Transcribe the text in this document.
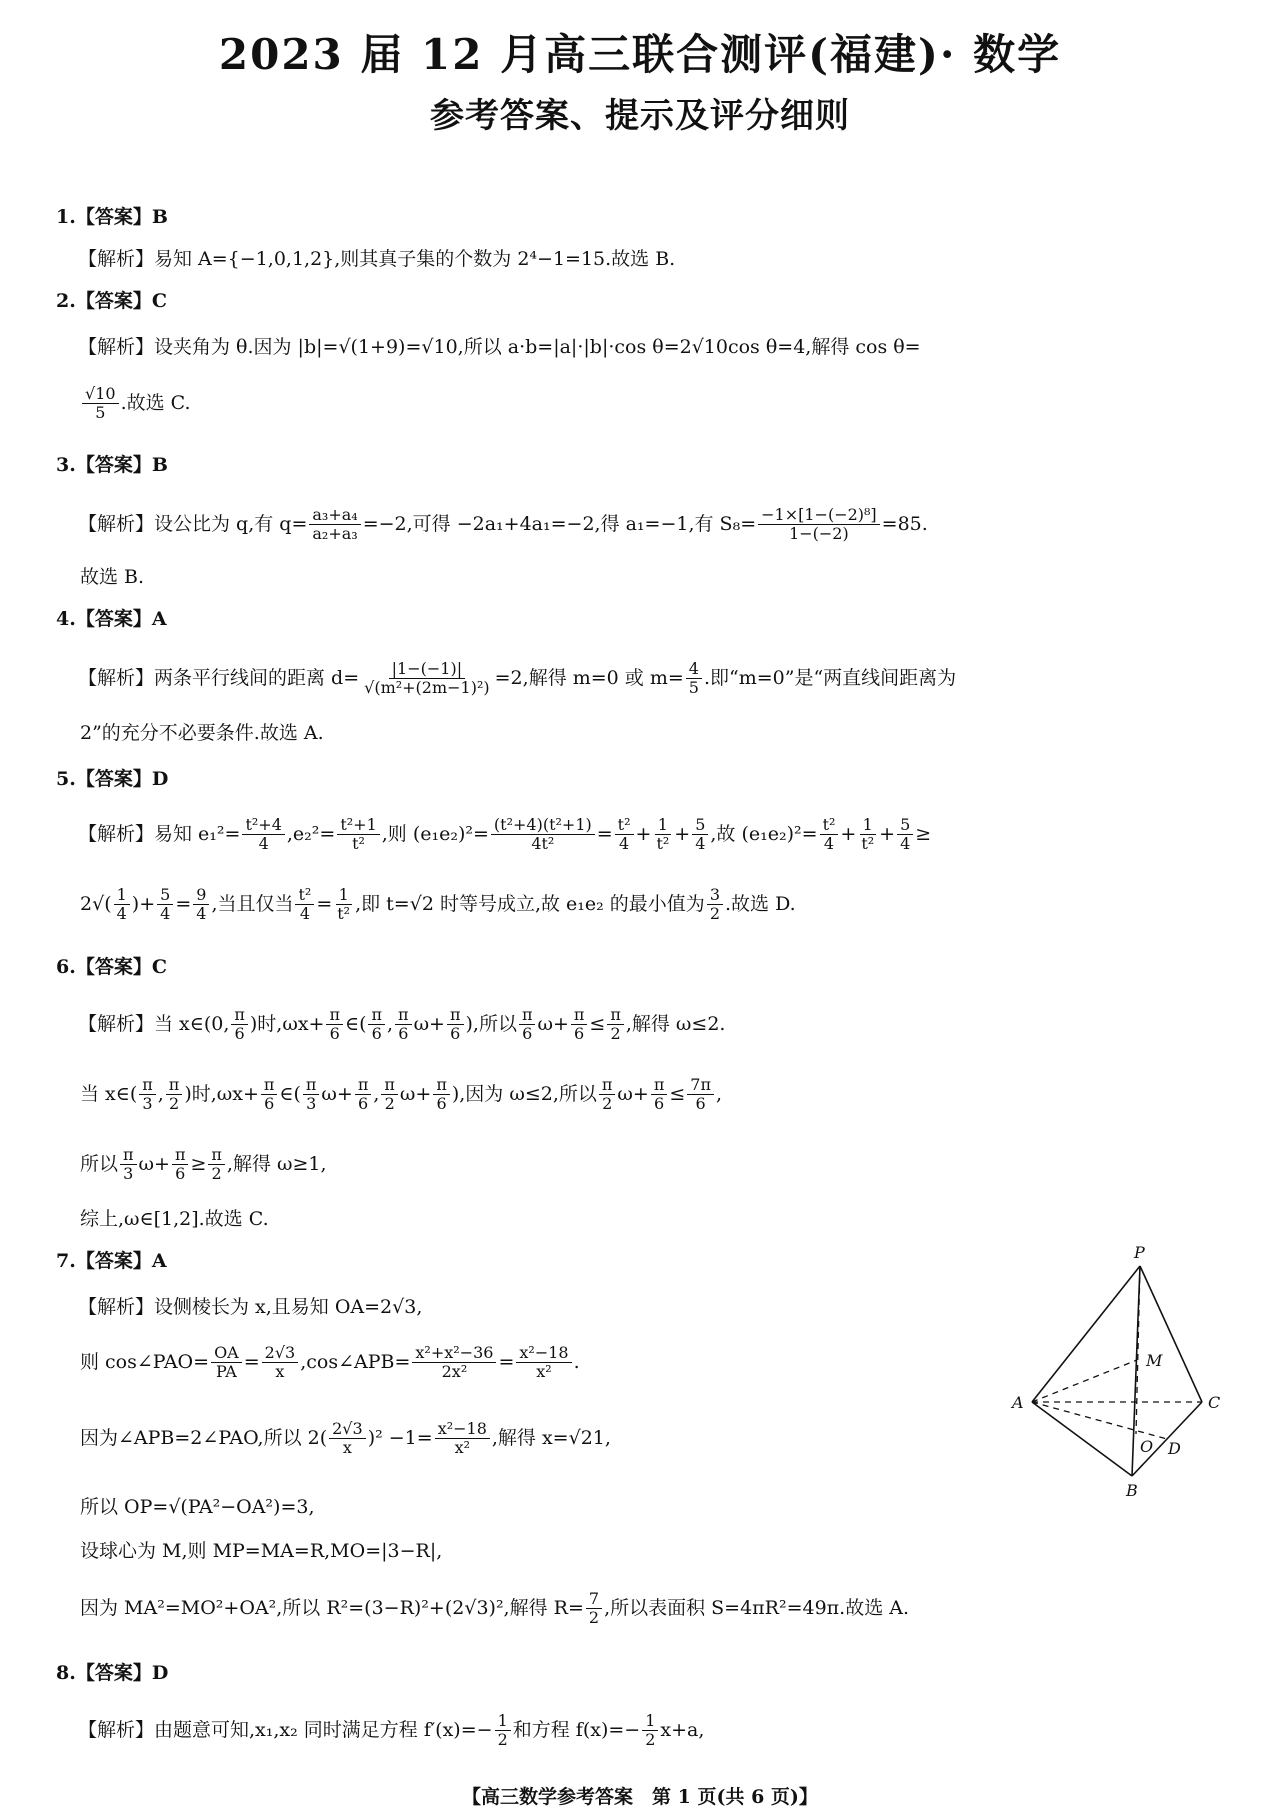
2023 届 12 月高三联合测评(福建)· 数学
参考答案、提示及评分细则
1.【答案】B
【解析】易知 A={−1,0,1,2},则其真子集的个数为 2⁴−1=15.故选 B.
2.【答案】C
【解析】设夹角为 θ.因为 |b|=√(1+9)=√10,所以 a·b=|a|·|b|·cos θ=2√10cos θ=4,解得 cos θ=
$\frac{√10}{5}$ .故选 C.
3.【答案】B
【解析】设公比为 q,有 $q= \frac{\text{a₃+a₄}}{\text{a₂+a₃}} =-2$,可得 −2a₁+4a₁=−2,得 a₁=−1,有 $S_8= \frac{\text{−1×[1−(−2)⁸]}}{1-(-2)} =85$.
故选 B.
4.【答案】A
【解析】两条平行线间的距离 $d= \frac{|1-(-1)|}{\text{√(m²+(2m−1)²)}} =2$,解得 m=0 或 $m= \frac{4}{5}$ .即“m=0”是“两直线间距离为
2”的充分不必要条件.故选 A.
5.【答案】D
【解析】易知 $e_1^2= \frac{\text{t²+4}}{4} ,e_2^2= \frac{\text{t²+1}}{\text{t²}}$ ,则 $(e_1e_2)^2= \frac{\text{(t²+4)(t²+1)}}{\text{4t²}} = \frac{\text{t²}}{4} + \frac{1}{\text{t²}} + \frac{5}{4}$ ,故 $(e_1e_2)^2= \frac{\text{t²}}{4} + \frac{1}{\text{t²}} + \frac{5}{4}$ ≥
$2√( \frac{1}{4}$ )+ $\frac{5}{4} = \frac{9}{4}$ ,当且仅当 $\frac{\text{t²}}{4} = \frac{1}{\text{t²}}$ ,即 t=√2 时等号成立,故 e₁e₂ 的最小值为 $\frac{3}{2}$ .故选 D.
6.【答案】C
【解析】当 x∈(0, $\frac{\pi}{6}$ )时$,\omega x+ \frac{\pi}{6}$ ∈( $\frac{\pi}{6}$ , $\frac{\pi}{6} \omega+ \frac{\pi}{6}$ ),所以 $\frac{\pi}{6} \omega+ \frac{\pi}{6} \le \frac{\pi}{2}$ ,解得 ω≤2.
当 x∈( $\frac{\pi}{3}$ , $\frac{\pi}{2}$ )时$,\omega x+ \frac{\pi}{6}$ ∈( $\frac{\pi}{3} \omega+ \frac{\pi}{6}$ , $\frac{\pi}{2} \omega+ \frac{\pi}{6}$ ),因为 ω≤2,所以 $\frac{\pi}{2} \omega+ \frac{\pi}{6} \le \frac{7\pi}{6}$ ,
所以 $\frac{\pi}{3} \omega+ \frac{\pi}{6} \ge \frac{\pi}{2}$ ,解得 ω≥1,
综上,ω∈[1,2].故选 C.
7.【答案】A
【解析】设侧棱长为 x,且易知 OA=2√3,
则 cos∠PAO= $\frac{OA}{PA} = \frac{2√3}{x}$ ,cos∠APB= $\frac{\text{x²+x²−36}}{\text{2x²}} = \frac{\text{x²−18}}{\text{x²}}$ .
因为∠APB=2∠PAO,所以 $2( \frac{2√3}{x} )^2 -1= \frac{\text{x²−18}}{\text{x²}}$ ,解得 x=√21,
所以 OP=√(PA²−OA²)=3,
设球心为 M,则 MP=MA=R,MO=|3−R|,
因为 MA²=MO²+OA²,所以 R²=(3−R)²+(2√3)²,解得 $R= \frac{7}{2}$ ,所以表面积 S=4πR²=49π.故选 A.
P
A
B
C
D
O
M
8.【答案】D
【解析】由题意可知,x₁,x₂ 同时满足方程 $f'(x)=- \frac{1}{2}$ 和方程 $f(x)=- \frac{1}{2} x+a$,
【高三数学参考答案　第 1 页(共 6 页)】
